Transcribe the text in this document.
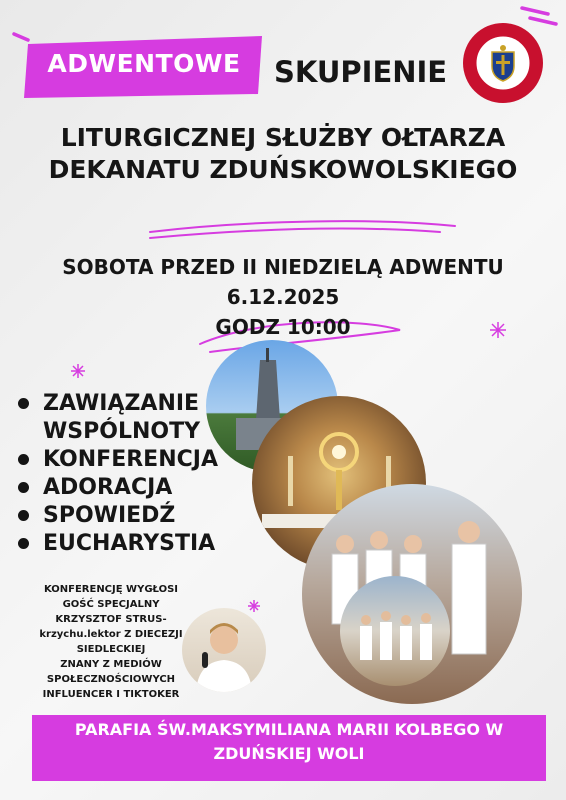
ADWENTOWE	SKUPIENIE
LITURGICZNEJ SŁUŻBY OŁTARZA
DEKANATU ZDUŃSKOWOLSKIEGO
SOBOTA PRZED II NIEDZIELĄ ADWENTU
6.12.2025
GODZ 10:00
ZAWIĄZANIE WSPÓLNOTY
KONFERENCJA
ADORACJA
SPOWIEDŹ
EUCHARYSTIA
KONFERENCJĘ WYGŁOSI
GOŚĆ SPECJALNY
KRZYSZTOF STRUS-
krzychu.lektor Z DIECEZJI
SIEDLECKIEJ
ZNANY Z MEDIÓW
SPOŁECZNOŚCIOWYCH
INFLUENCER I TIKTOKER
PARAFIA ŚW.MAKSYMILIANA MARII KOLBEGO W
ZDUŃSKIEJ WOLI
